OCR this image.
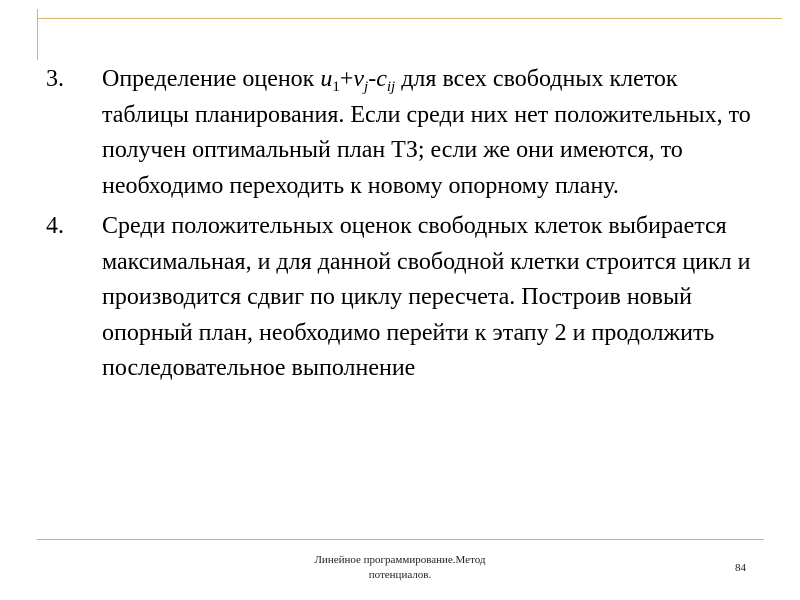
3. Определение оценок $u_1+v_j-c_{ij}$ для всех свободных клеток таблицы планирования. Если среди них нет положительных, то получен оптимальный план ТЗ; если же они имеются, то необходимо переходить к новому опорному плану.
4. Среди положительных оценок свободных клеток выбирается максимальная, и для данной свободной клетки строится цикл и производится сдвиг по циклу пересчета. Построив новый опорный план, необходимо перейти к этапу 2 и продолжить последовательное выполнение
Линейное программирование.Метод
потенциалов.
84
